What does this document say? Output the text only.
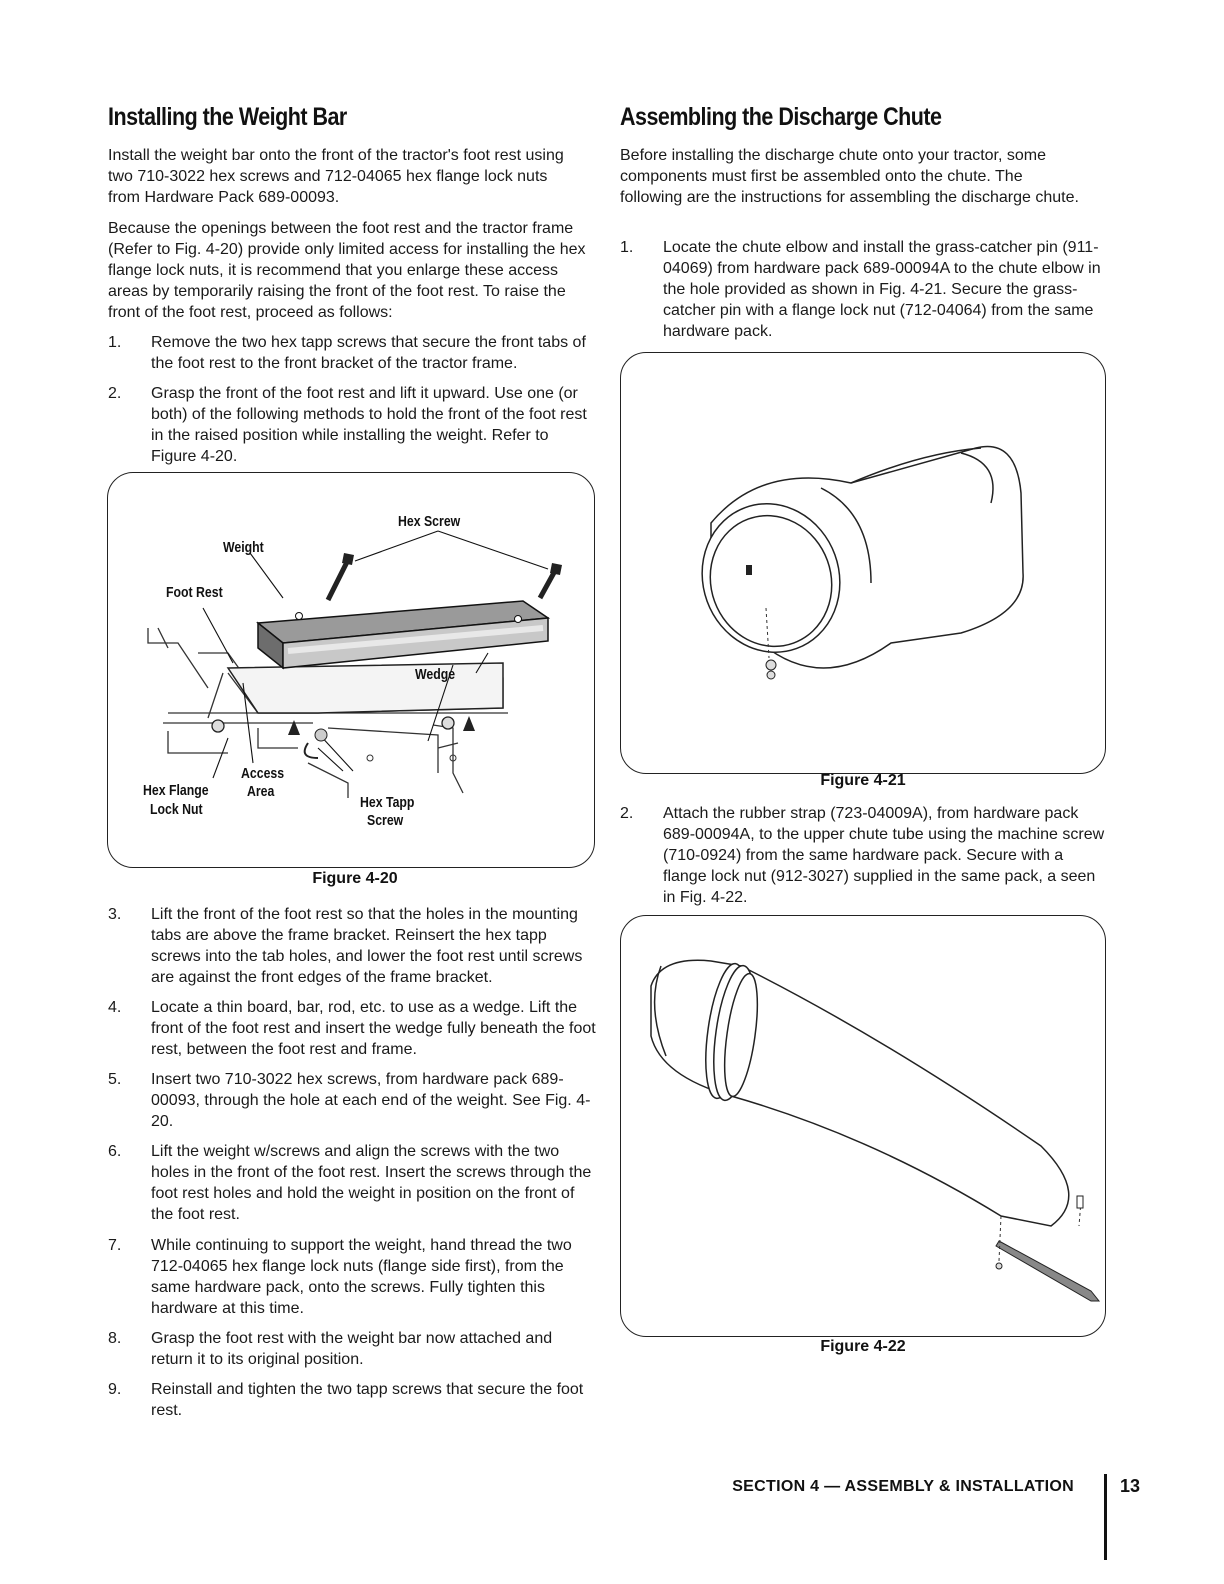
Installing the Weight Bar

Install the weight bar onto the front of the tractor's foot rest using two 710-3022 hex screws and 712-04065 hex flange lock nuts from Hardware Pack 689-00093.

Because the openings between the foot rest and the tractor frame (Refer to Fig. 4-20) provide only limited access for installing the hex flange lock nuts, it is recommend that you enlarge these access areas by temporarily raising the front of the foot rest. To raise the front of the foot rest, proceed as follows:

1. Remove the two hex tapp screws that secure the front tabs of the foot rest to the front bracket of the tractor frame.
2. Grasp the front of the foot rest and lift it upward. Use one (or both) of the following methods to hold the front of the foot rest in the raised position while installing the weight. Refer to Figure 4-20.
Hex Screw
Weight
Foot Rest
Wedge
Access
Area
Hex Flange
Lock Nut	Hex Tapp
Screw
Figure 4-20
3. Lift the front of the foot rest so that the holes in the mounting tabs are above the frame bracket. Reinsert the hex tapp screws into the tab holes, and lower the foot rest until screws are against the front edges of the frame bracket.
4. Locate a thin board, bar, rod, etc. to use as a wedge. Lift the front of the foot rest and insert the wedge fully beneath the foot rest, between the foot rest and frame.
5. Insert two 710-3022 hex screws, from hardware pack 689-00093, through the hole at each end of the weight. See Fig. 4-20.
6. Lift the weight w/screws and align the screws with the two holes in the front of the foot rest. Insert the screws through the foot rest holes and hold the weight in position on the front of the foot rest.
7. While continuing to support the weight, hand thread the two 712-04065 hex flange lock nuts (flange side first), from the same hardware pack, onto the screws. Fully tighten this hardware at this time.
8. Grasp the foot rest with the weight bar now attached and return it to its original position.
9. Reinstall and tighten the two tapp screws that secure the foot rest.
Assembling the Discharge Chute

Before installing the discharge chute onto your tractor, some components must first be assembled onto the chute. The following are the instructions for assembling the discharge chute.

1. Locate the chute elbow and install the grass-catcher pin (911-04069) from hardware pack 689-00094A to the chute elbow in the hole provided as shown in Fig. 4-21. Secure the grass-catcher pin with a flange lock nut (712-04064) from the same hardware pack.
Figure 4-21
2. Attach the rubber strap (723-04009A), from hardware pack 689-00094A, to the upper chute tube using the machine screw (710-0924) from the same hardware pack. Secure with a flange lock nut (912-3027) supplied in the same pack, a seen in Fig. 4-22.
Figure 4-22
SECTION 4 — ASSEMBLY & INSTALLATION	13
